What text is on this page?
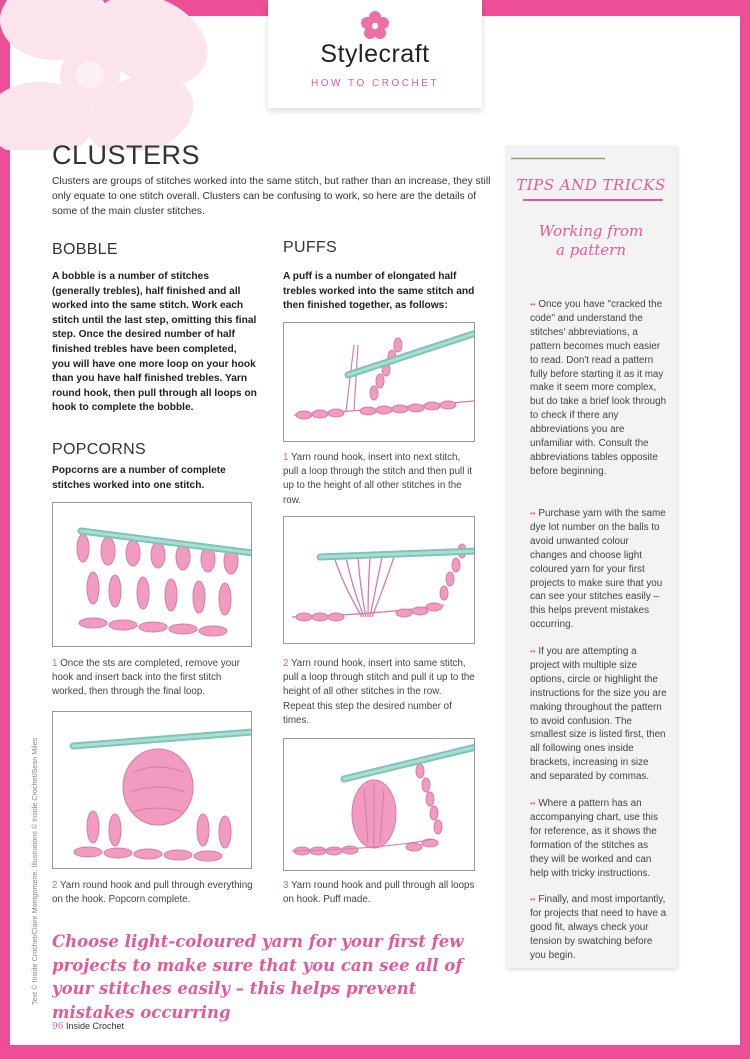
Stylecraft
HOW TO CROCHET
CLUSTERS

Clusters are groups of stitches worked into the same stitch, but rather than an increase, they still only equate to one stitch overall. Clusters can be confusing to work, so here are the details of some of the main cluster stitches.

BOBBLE

A bobble is a number of stitches (generally trebles), half finished and all worked into the same stitch. Work each stitch until the last step, omitting this final step. Once the desired number of half finished trebles have been completed, you will have one more loop on your hook than you have half finished trebles. Yarn round hook, then pull through all loops on hook to complete the bobble.

POPCORNS

Popcorns are a number of complete stitches worked into one stitch.

1 Once the sts are completed, remove your hook and insert back into the first stitch worked, then through the final loop.

2 Yarn round hook and pull through everything on the hook. Popcorn complete.

PUFFS

A puff is a number of elongated half trebles worked into the same stitch and then finished together, as follows:

1 Yarn round hook, insert into next stitch, pull a loop through the stitch and then pull it up to the height of all other stitches in the row.

2 Yarn round hook, insert into same stitch, pull a loop through stitch and pull it up to the height of all other stitches in the row. Repeat this step the desired number of times.

3 Yarn round hook and pull through all loops on hook. Puff made.

TIPS AND TRICKS
Working from a pattern

•• Once you have "cracked the code" and understand the stitches' abbreviations, a pattern becomes much easier to read. Don't read a pattern fully before starting it as it may make it seem more complex, but do take a brief look through to check if there any abbreviations you are unfamiliar with. Consult the abbreviations tables opposite before beginning.

•• Purchase yarn with the same dye lot number on the balls to avoid unwanted colour changes and choose light coloured yarn for your first projects to make sure that you can see your stitches easily – this helps prevent mistakes occurring.

•• If you are attempting a project with multiple size options, circle or highlight the instructions for the size you are making throughout the pattern to avoid confusion. The smallest size is listed first, then all following ones inside brackets, increasing in size and separated by commas.

•• Where a pattern has an accompanying chart, use this for reference, as it shows the formation of the stitches as they will be worked and can help with tricky instructions.

•• Finally, and most importantly, for projects that need to have a good fit, always check your tension by swatching before you begin.

Choose light-coloured yarn for your first few projects to make sure that you can see all of your stitches easily – this helps prevent mistakes occurring

Text © Inside Crochet/Claire Montgomerie. Illustrations © Inside Crochet/Sean Miles
96 Inside Crochet
